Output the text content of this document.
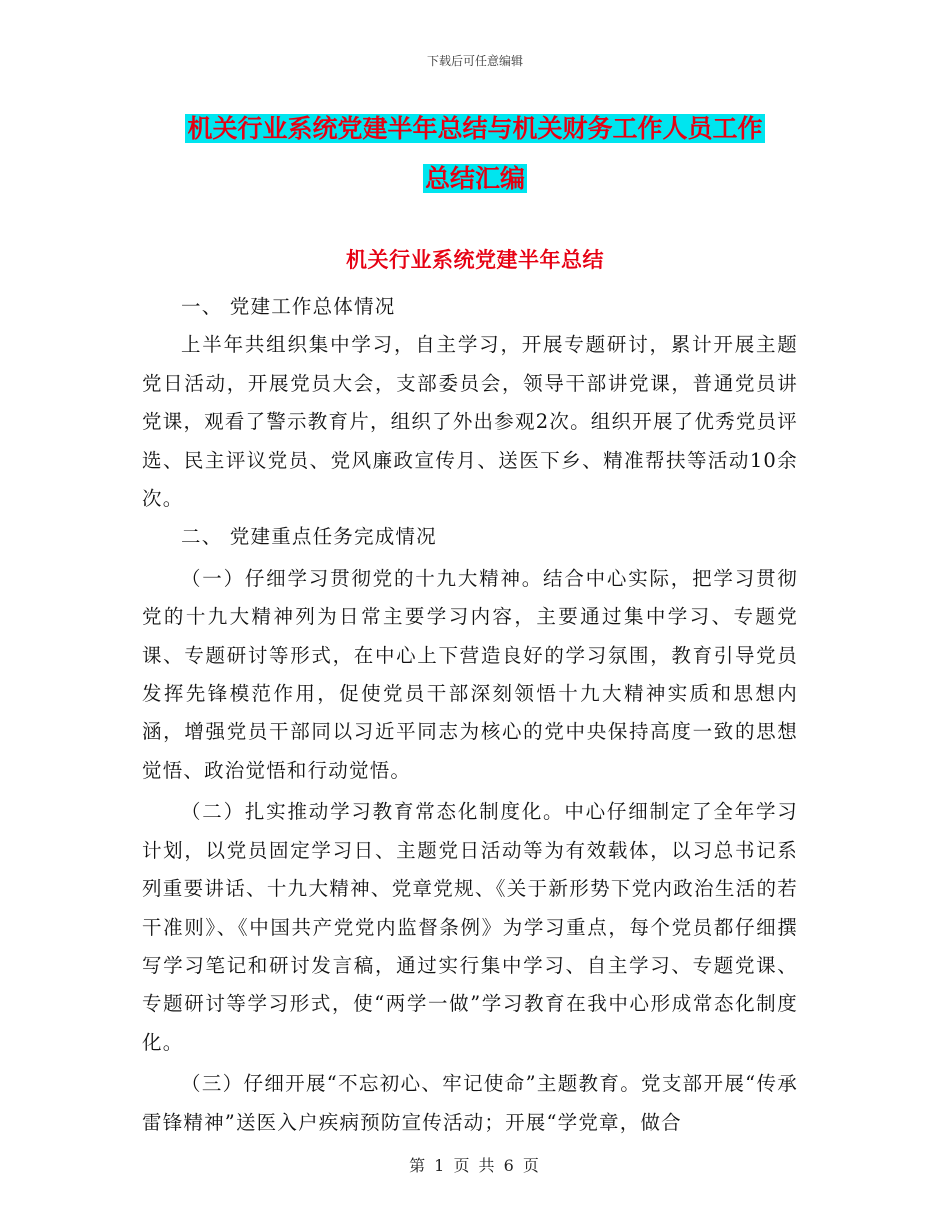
下载后可任意编辑
机关行业系统党建半年总结与机关财务工作人员工作
总结汇编
机关行业系统党建半年总结

一、 党建工作总体情况

上半年共组织集中学习，自主学习，开展专题研讨，累计开展主题党日活动，开展党员大会，支部委员会，领导干部讲党课，普通党员讲党课，观看了警示教育片，组织了外出参观2次。组织开展了优秀党员评选、民主评议党员、党风廉政宣传月、送医下乡、精准帮扶等活动10余次。

二、 党建重点任务完成情况

（一）仔细学习贯彻党的十九大精神。结合中心实际，把学习贯彻党的十九大精神列为日常主要学习内容，主要通过集中学习、专题党课、专题研讨等形式，在中心上下营造良好的学习氛围，教育引导党员发挥先锋模范作用，促使党员干部深刻领悟十九大精神实质和思想内涵，增强党员干部同以习近平同志为核心的党中央保持高度一致的思想觉悟、政治觉悟和行动觉悟。

（二）扎实推动学习教育常态化制度化。中心仔细制定了全年学习计划，以党员固定学习日、主题党日活动等为有效载体，以习总书记系列重要讲话、十九大精神、党章党规、《关于新形势下党内政治生活的若干准则》、《中国共产党党内监督条例》为学习重点，每个党员都仔细撰写学习笔记和研讨发言稿，通过实行集中学习、自主学习、专题党课、专题研讨等学习形式，使“两学一做”学习教育在我中心形成常态化制度化。

（三）仔细开展“不忘初心、牢记使命”主题教育。党支部开展“传承雷锋精神”送医入户疾病预防宣传活动；开展“学党章，做合

第 1 页 共 6 页
